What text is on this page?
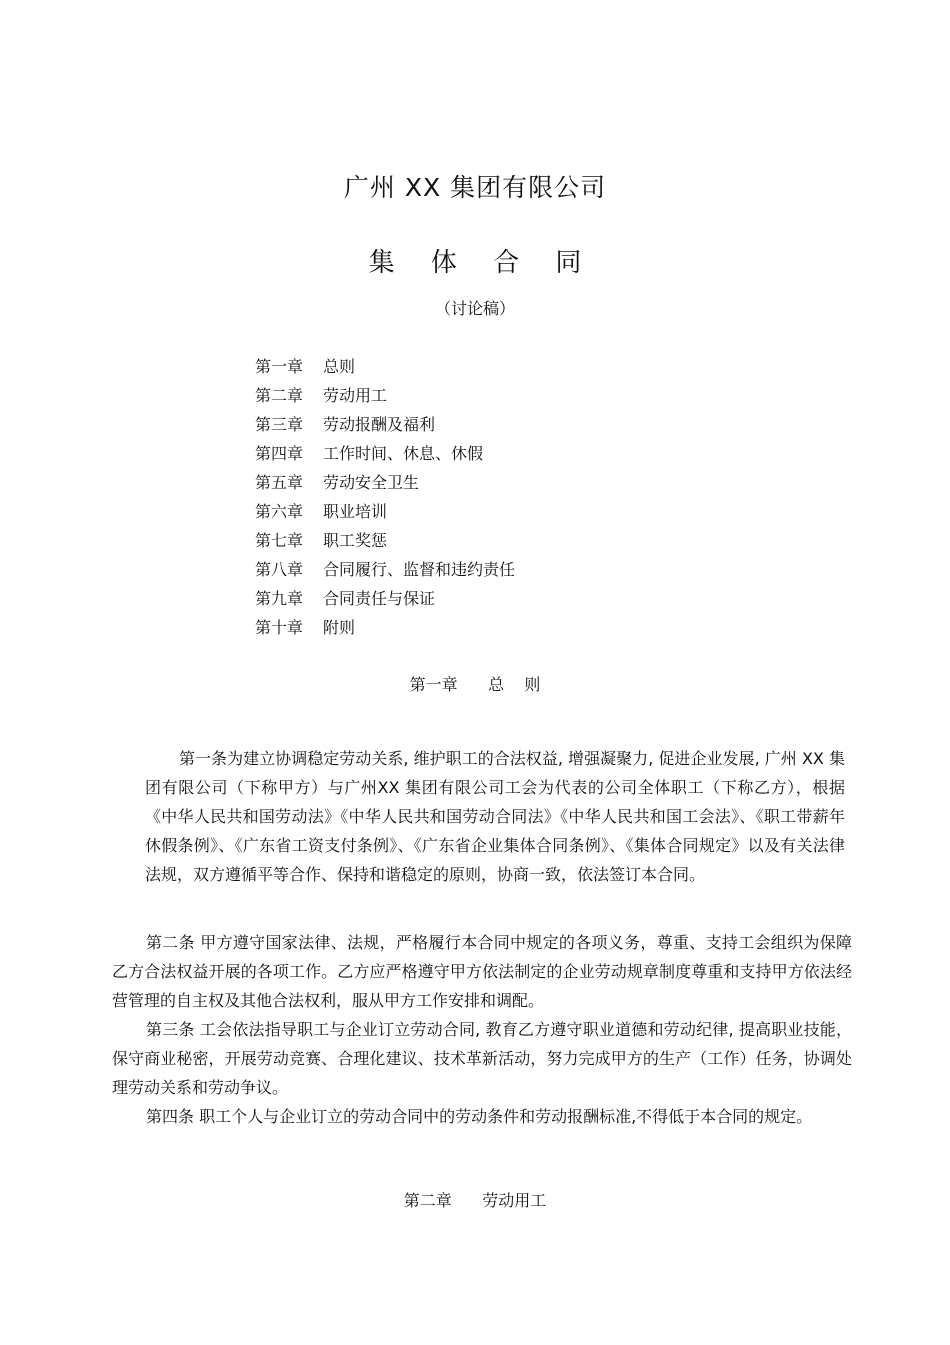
广州 XX 集团有限公司
集 体 合 同
（讨论稿）
第一章 总则
第二章 劳动用工
第三章 劳动报酬及福利
第四章 工作时间、休息、休假
第五章 劳动安全卫生
第六章 职业培训
第七章 职工奖惩
第八章 合同履行、监督和违约责任
第九章 合同责任与保证
第十章 附则
第一章      总    则
第一条为建立协调稳定劳动关系, 维护职工的合法权益, 增强凝聚力, 促进企业发展, 广州 XX 集团有限公司（下称甲方）与广州XX 集团有限公司工会为代表的公司全体职工（下称乙方），根据《中华人民共和国劳动法》《中华人民共和国劳动合同法》《中华人民共和国工会法》、《职工带薪年休假条例》、《广东省工资支付条例》、《广东省企业集体合同条例》、《集体合同规定》以及有关法律法规，双方遵循平等合作、保持和谐稳定的原则，协商一致，依法签订本合同。

第二条 甲方遵守国家法律、法规，严格履行本合同中规定的各项义务，尊重、支持工会组织为保障乙方合法权益开展的各项工作。乙方应严格遵守甲方依法制定的企业劳动规章制度尊重和支持甲方依法经营管理的自主权及其他合法权利，服从甲方工作安排和调配。

第三条 工会依法指导职工与企业订立劳动合同, 教育乙方遵守职业道德和劳动纪律, 提高职业技能，保守商业秘密，开展劳动竞赛、合理化建议、技术革新活动，努力完成甲方的生产（工作）任务，协调处理劳动关系和劳动争议。

第四条 职工个人与企业订立的劳动合同中的劳动条件和劳动报酬标准,不得低于本合同的规定。

第二章      劳动用工
